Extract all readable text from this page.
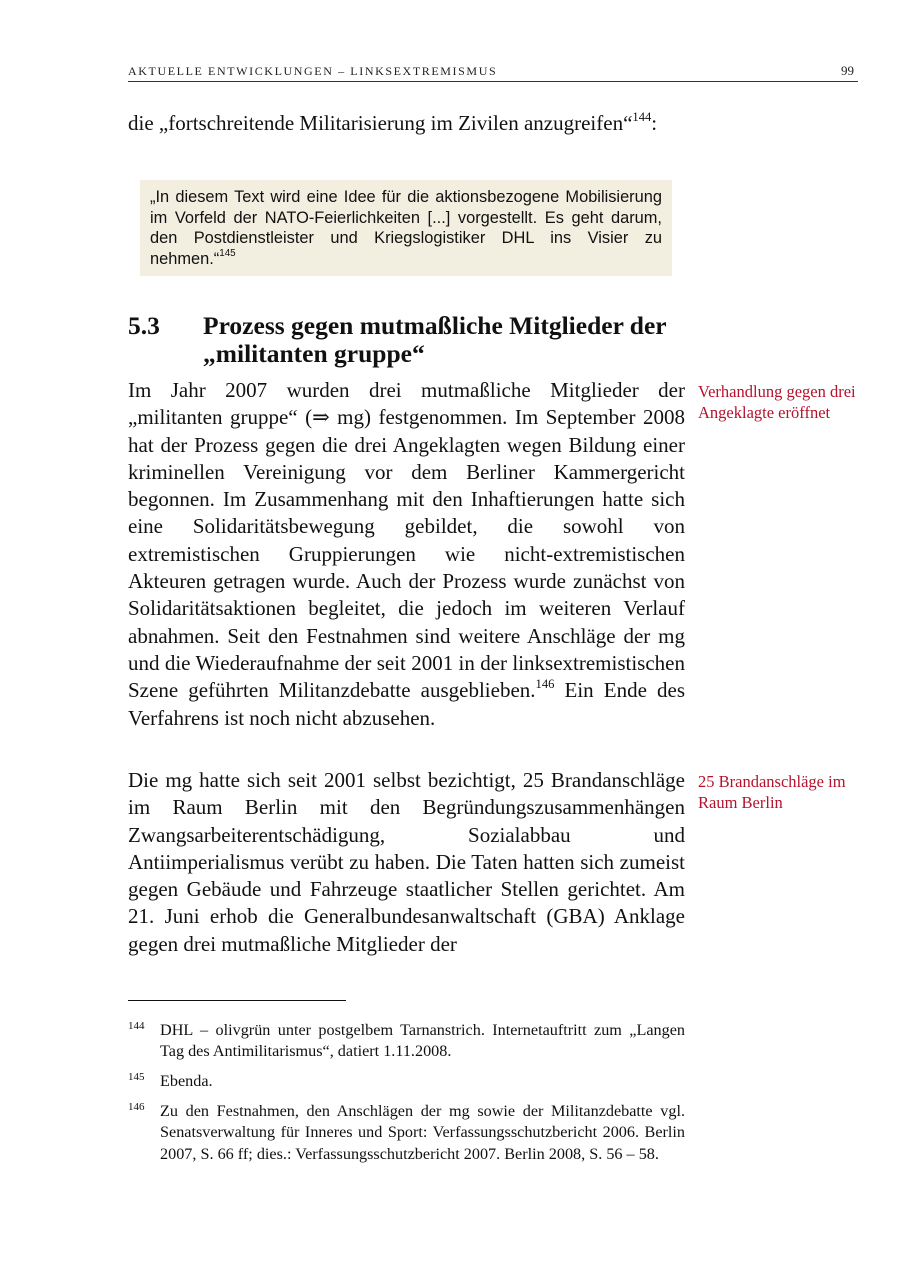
AKTUELLE ENTWICKLUNGEN – LINKSEXTREMISMUS	99

die „fortschreitende Militarisierung im Zivilen anzugreifen“$^{144}$:

„In diesem Text wird eine Idee für die aktionsbezogene Mobilisierung im Vorfeld der NATO-Feierlichkeiten [...] vorgestellt. Es geht darum, den Postdienstleister und Kriegslogistiker DHL ins Visier zu nehmen.“$^{145}$

5.3 Prozess gegen mutmaßliche Mitglieder der „militanten gruppe“

Im Jahr 2007 wurden drei mutmaßliche Mitglieder der „militanten gruppe“ (⇒ mg) festgenommen. Im September 2008 hat der Prozess gegen die drei Angeklagten wegen Bildung einer kriminellen Vereinigung vor dem Berliner Kammergericht begonnen. Im Zusammenhang mit den Inhaftierungen hatte sich eine Solidaritätsbewegung gebildet, die sowohl von extremistischen Gruppierungen wie nicht-extremistischen Akteuren getragen wurde. Auch der Prozess wurde zunächst von Solidaritätsaktionen begleitet, die jedoch im weiteren Verlauf abnahmen. Seit den Festnahmen sind weitere Anschläge der mg und die Wiederaufnahme der seit 2001 in der linksextremistischen Szene geführten Militanzdebatte ausgeblieben.$^{146}$ Ein Ende des Verfahrens ist noch nicht abzusehen.

Die mg hatte sich seit 2001 selbst bezichtigt, 25 Brandanschläge im Raum Berlin mit den Begründungszusammenhängen Zwangsarbeiterentschädigung, Sozialabbau und Antiimperialismus verübt zu haben. Die Taten hatten sich zumeist gegen Gebäude und Fahrzeuge staatlicher Stellen gerichtet. Am 21. Juni erhob die Generalbundesanwaltschaft (GBA) Anklage gegen drei mutmaßliche Mitglieder der

Verhandlung gegen drei Angeklagte eröffnet
25 Brandanschläge im Raum Berlin
144 DHL – olivgrün unter postgelbem Tarnanstrich. Internetauftritt zum „Langen Tag des Antimilitarismus“, datiert 1.11.2008.
145 Ebenda.
146 Zu den Festnahmen, den Anschlägen der mg sowie der Militanzdebatte vgl. Senatsverwaltung für Inneres und Sport: Verfassungsschutzbericht 2006. Berlin 2007, S. 66 ff; dies.: Verfassungsschutzbericht 2007. Berlin 2008, S. 56 – 58.
